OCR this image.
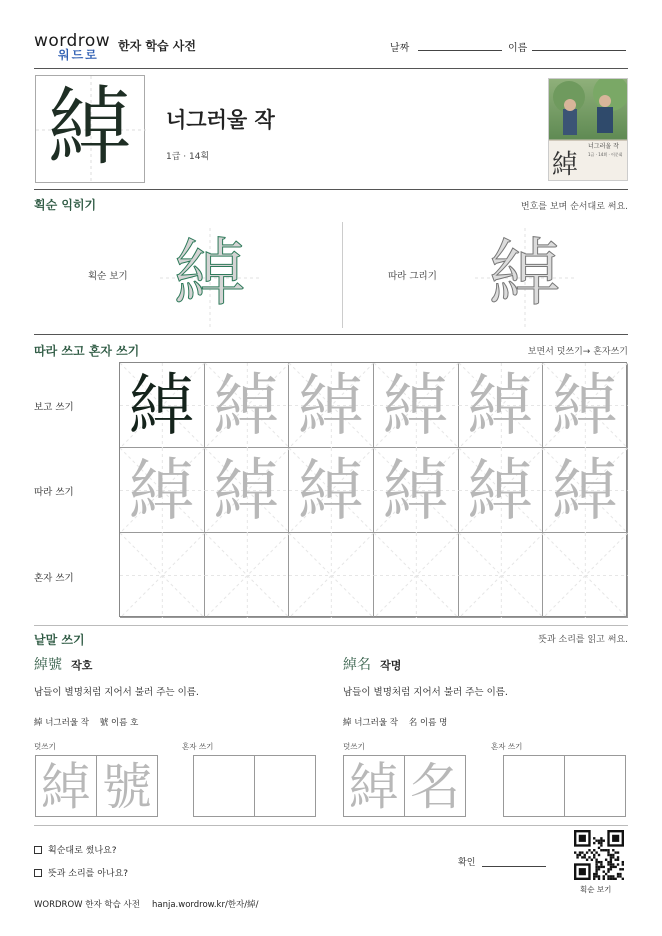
wordrow
워드로
한자 학습 사전	날짜	이름
綽	너그러울 작
1급 · 14획	綽
너그러울 작
1급 · 14획 · 어문회
획순 익히기	번호를 보며 순서대로 써요.
획순 보기 綽	따라 그리기 綽
따라 쓰고 혼자 쓰기	보면서 덧쓰기→ 혼자쓰기
보고 쓰기
따라 쓰기
혼자 쓰기
綽 綽 綽 綽 綽 綽
綽 綽 綽 綽 綽 綽
낱말 쓰기	뜻과 소리를 읽고 써요.
綽號 작호
남들이 별명처럼 지어서 불러 주는 이름.
綽 너그러울 작    號 이름 호
덧쓰기	혼자 쓰기
綽 號
綽名 작명
남들이 별명처럼 지어서 불러 주는 이름.
綽 너그러울 작    名 이름 명
덧쓰기	혼자 쓰기
綽 名
획순대로 썼나요?
뜻과 소리를 아나요?
확인
획순 보기
WORDROW 한자 학습 사전 hanja.wordrow.kr/한자/綽/
